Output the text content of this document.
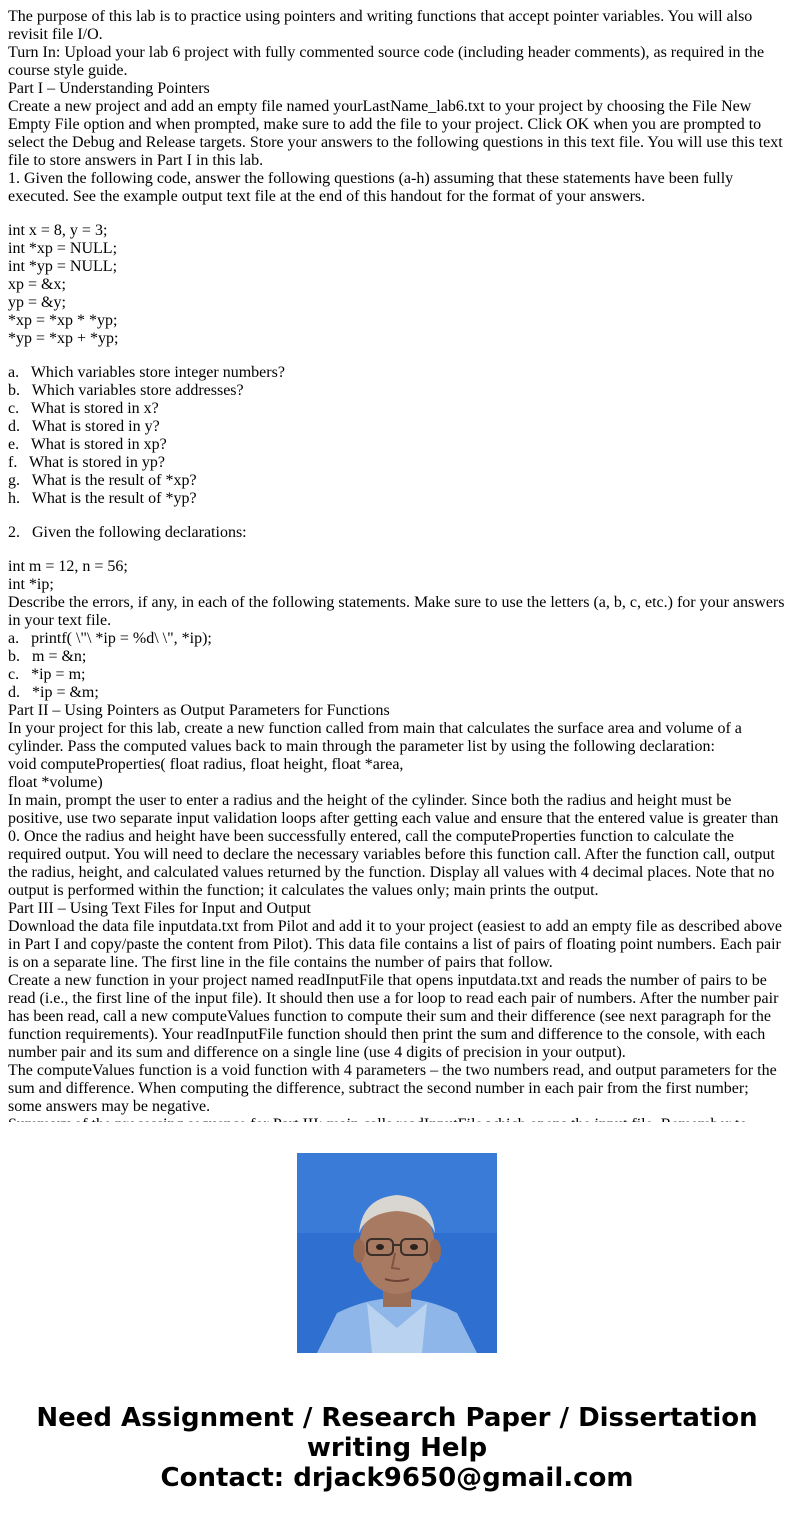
The purpose of this lab is to practice using pointers and writing functions that accept pointer variables. You will also revisit file I/O.

Turn In: Upload your lab 6 project with fully commented source code (including header comments), as required in the course style guide.

Part I – Understanding Pointers

Create a new project and add an empty file named yourLastName_lab6.txt to your project by choosing the File New Empty File option and when prompted, make sure to add the file to your project. Click OK when you are prompted to select the Debug and Release targets. Store your answers to the following questions in this text file. You will use this text file to store answers in Part I in this lab.

1. Given the following code, answer the following questions (a-h) assuming that these statements have been fully executed. See the example output text file at the end of this handout for the format of your answers.

int x = 8, y = 3;

int *xp = NULL;

int *yp = NULL;

xp = &x;

yp = &y;

*xp = *xp * *yp;

*yp = *xp + *yp;

a.   Which variables store integer numbers?

b.   Which variables store addresses?

c.   What is stored in x?

d.   What is stored in y?

e.   What is stored in xp?

f.   What is stored in yp?

g.   What is the result of *xp?

h.   What is the result of *yp?

2.   Given the following declarations:

int m = 12, n = 56;

int *ip;

Describe the errors, if any, in each of the following statements. Make sure to use the letters (a, b, c, etc.) for your answers in your text file.

a.   printf( \"\ *ip = %d\ \", *ip);

b.   m = &n;

c.   *ip = m;

d.   *ip = &m;

Part II – Using Pointers as Output Parameters for Functions

In your project for this lab, create a new function called from main that calculates the surface area and volume of a cylinder. Pass the computed values back to main through the parameter list by using the following declaration:

void computeProperties( float radius, float height, float *area,

float *volume)

In main, prompt the user to enter a radius and the height of the cylinder. Since both the radius and height must be positive, use two separate input validation loops after getting each value and ensure that the entered value is greater than 0. Once the radius and height have been successfully entered, call the computeProperties function to calculate the required output. You will need to declare the necessary variables before this function call. After the function call, output the radius, height, and calculated values returned by the function. Display all values with 4 decimal places. Note that no output is performed within the function; it calculates the values only; main prints the output.

Part III – Using Text Files for Input and Output

Download the data file inputdata.txt from Pilot and add it to your project (easiest to add an empty file as described above in Part I and copy/paste the content from Pilot). This data file contains a list of pairs of floating point numbers. Each pair is on a separate line. The first line in the file contains the number of pairs that follow.

Create a new function in your project named readInputFile that opens inputdata.txt and reads the number of pairs to be read (i.e., the first line of the input file). It should then use a for loop to read each pair of numbers. After the number pair has been read, call a new computeValues function to compute their sum and their difference (see next paragraph for the function requirements). Your readInputFile function should then print the sum and difference to the console, with each number pair and its sum and difference on a single line (use 4 digits of precision in your output).

The computeValues function is a void function with 4 parameters – the two numbers read, and output parameters for the sum and difference. When computing the difference, subtract the second number in each pair from the first number; some answers may be negative.

Need Assignment / Research Paper / Dissertation
writing Help
Contact: drjack9650@gmail.com
